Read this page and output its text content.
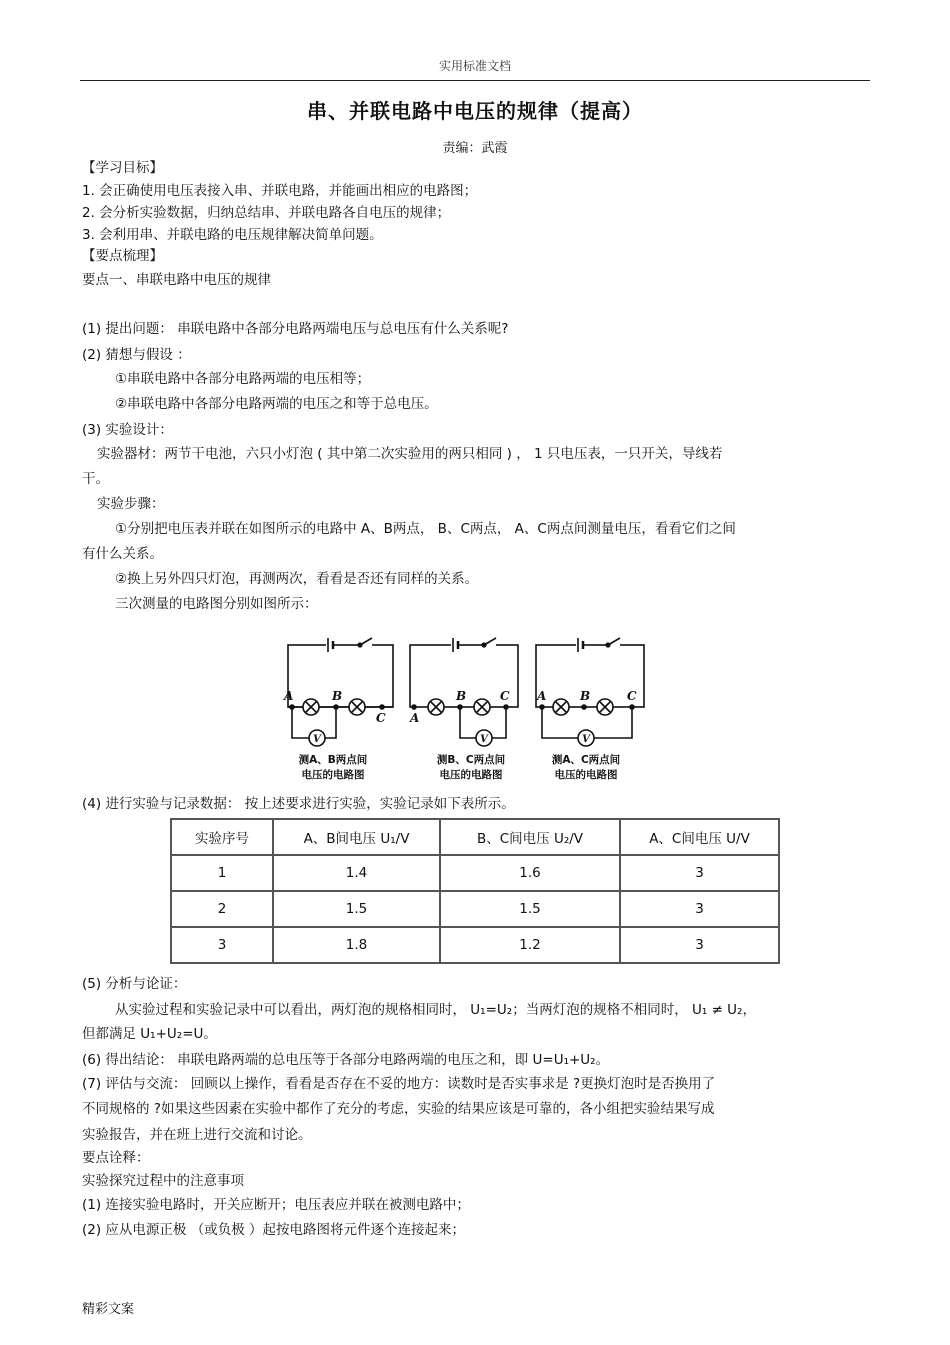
实用标准文档
串、并联电路中电压的规律（提高）
责编：武霞
【学习目标】
1. 会正确使用电压表接入串、并联电路，并能画出相应的电路图；
2. 会分析实验数据，归纳总结串、并联电路各自电压的规律；
3. 会利用串、并联电路的电压规律解决简单问题。
【要点梳理】
要点一、串联电路中电压的规律
(1) 提出问题： 串联电路中各部分电路两端电压与总电压有什么关系呢?
(2) 猜想与假设 ：
①串联电路中各部分电路两端的电压相等；
②串联电路中各部分电路两端的电压之和等于总电压。
(3) 实验设计：
实验器材：两节干电池，六只小灯泡 ( 其中第二次实验用的两只相同 ) ， 1 只电压表，一只开关，导线若
干。
实验步骤：
①分别把电压表并联在如图所示的电路中 A、B两点， B、C两点， A、C两点间测量电压，看看它们之间
有什么关系。
②换上另外四只灯泡，再测两次，看看是否还有同样的关系。
三次测量的电路图分别如图所示：
A	B
C A
B	C A	B	C
V	V	V
测A、B两点间
电压的电路图
测B、C两点间
电压的电路图
测A、C两点间
电压的电路图
(4) 进行实验与记录数据： 按上述要求进行实验，实验记录如下表所示。
实验序号	A、B间电压 U₁/V	B、C间电压 U₂/V	A、C间电压 U/V
1	1.4	1.6	3
2	1.5	1.5	3
3	1.8	1.2	3
(5) 分析与论证：
从实验过程和实验记录中可以看出，两灯泡的规格相同时， U₁=U₂；当两灯泡的规格不相同时， U₁ ≠ U₂，
但都满足 U₁+U₂=U。
(6) 得出结论： 串联电路两端的总电压等于各部分电路两端的电压之和，即 U=U₁+U₂。
(7) 评估与交流： 回顾以上操作，看看是否存在不妥的地方：读数时是否实事求是 ?更换灯泡时是否换用了
不同规格的 ?如果这些因素在实验中都作了充分的考虑，实验的结果应该是可靠的，各小组把实验结果写成
实验报告，并在班上进行交流和讨论。
要点诠释：
实验探究过程中的注意事项
(1) 连接实验电路时，开关应断开；电压表应并联在被测电路中；
(2) 应从电源正极 （或负极 ）起按电路图将元件逐个连接起来；
精彩文案
